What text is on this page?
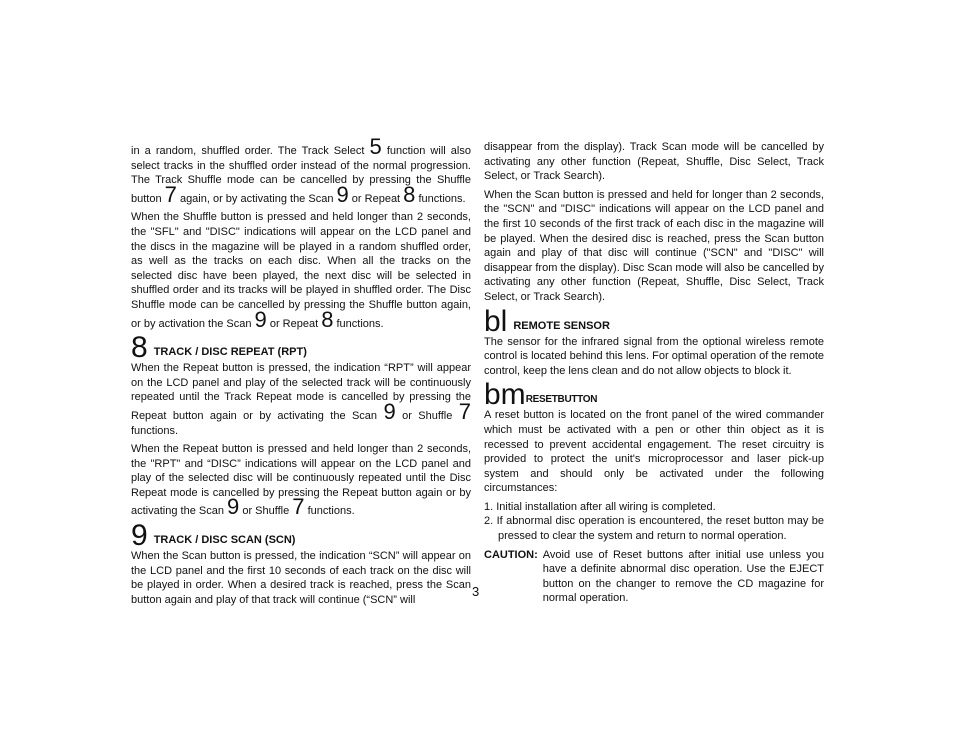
in a random, shuffled order. The Track Select 5 function will also select tracks in the shuffled order instead of the normal progression. The Track Shuffle mode can be cancelled by pressing the Shuffle button 7 again, or by activating the Scan 9 or Repeat 8 functions.

When the Shuffle button is pressed and held longer than 2 seconds, the "SFL" and "DISC" indications will appear on the LCD panel and the discs in the magazine will be played in a random shuffled order, as well as the tracks on each disc. When all the tracks on the selected disc have been played, the next disc will be selected in shuffled order and its tracks will be played in shuffled order. The Disc Shuffle mode can be cancelled by pressing the Shuffle button again, or by activation the Scan 9 or Repeat 8 functions.

8 TRACK / DISC REPEAT (RPT)

When the Repeat button is pressed, the indication “RPT” will appear on the LCD panel and play of the selected track will be continuously repeated until the Track Repeat mode is cancelled by pressing the Repeat button again or by activating the Scan 9 or Shuffle 7 functions.

When the Repeat button is pressed and held longer than 2 seconds, the "RPT" and “DISC” indications will appear on the LCD panel and play of the selected disc will be continuously repeated until the Disc Repeat mode is cancelled by pressing the Repeat button again or by activating the Scan 9 or Shuffle 7 functions.

9 TRACK / DISC SCAN (SCN)

When the Scan button is pressed, the indication “SCN” will appear on the LCD panel and the first 10 seconds of each track on the disc will be played in order. When a desired track is reached, press the Scan button again and play of that track will continue (“SCN” will

3

disappear from the display). Track Scan mode will be cancelled by activating any other function (Repeat, Shuffle, Disc Select, Track Select, or Track Search).

When the Scan button is pressed and held for longer than 2 seconds, the "SCN" and "DISC" indications will appear on the LCD panel and the first 10 seconds of the first track of each disc in the magazine will be played. When the desired disc is reached, press the Scan button again and play of that disc will continue ("SCN" and "DISC" will disappear from the display). Disc Scan mode will also be cancelled by activating any other function (Repeat, Shuffle, Disc Select, Track Select, or Track Search).

bl REMOTE SENSOR

The sensor for the infrared signal from the optional wireless remote control is located behind this lens. For optimal operation of the remote control, keep the lens clean and do not allow objects to block it.

bmRESETBUTTON

A reset button is located on the front panel of the wired commander which must be activated with a pen or other thin object as it is recessed to prevent accidental engagement. The reset circuitry is provided to protect the unit's microprocessor and laser pick-up system and should only be activated under the following circumstances:

1. Initial installation after all wiring is completed.
2. If abnormal disc operation is encountered, the reset button may be pressed to clear the system and return to normal operation.
CAUTION: Avoid use of Reset buttons after initial use unless you have a definite abnormal disc operation. Use the EJECT button on the changer to remove the CD magazine for normal operation.
